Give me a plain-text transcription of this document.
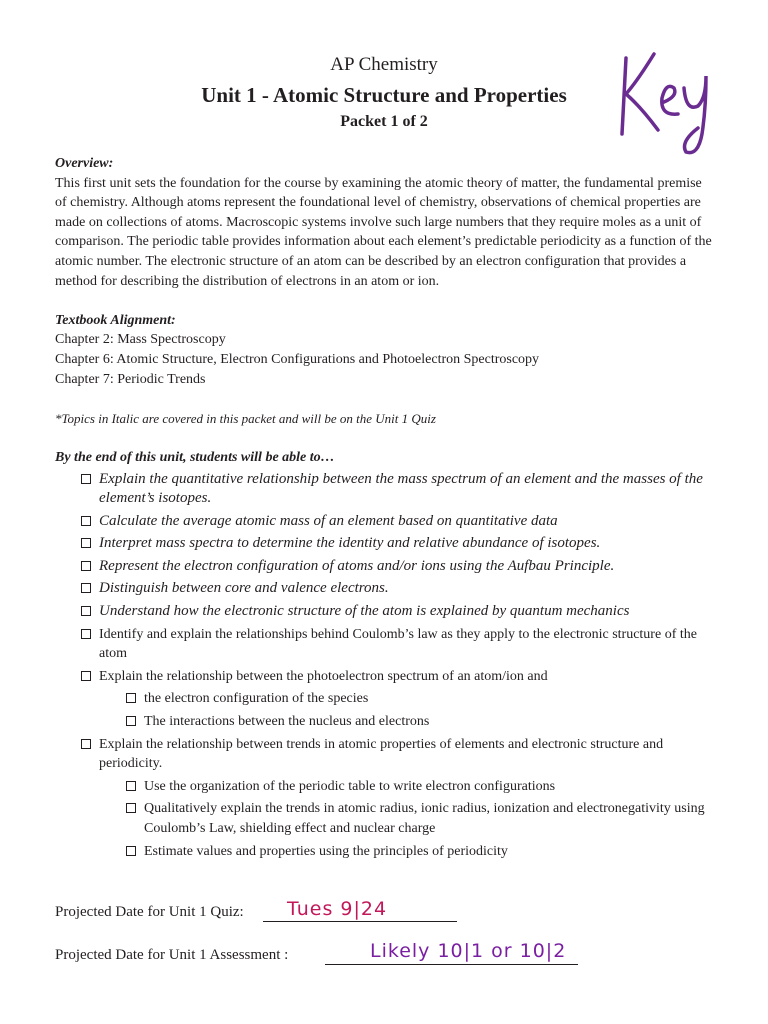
AP Chemistry
Unit 1 - Atomic Structure and Properties
Packet 1 of 2

Overview:

This first unit sets the foundation for the course by examining the atomic theory of matter, the fundamental premise of chemistry. Although atoms represent the foundational level of chemistry, observations of chemical properties are made on collections of atoms. Macroscopic systems involve such large numbers that they require moles as a unit of comparison. The periodic table provides information about each element’s predictable periodicity as a function of the atomic number. The electronic structure of an atom can be described by an electron configuration that provides a method for describing the distribution of electrons in an atom or ion.

Textbook Alignment:

Chapter 2: Mass Spectroscopy

Chapter 6: Atomic Structure, Electron Configurations and Photoelectron Spectroscopy

Chapter 7: Periodic Trends

*Topics in Italic are covered in this packet and will be on the Unit 1 Quiz

By the end of this unit, students will be able to…

Explain the quantitative relationship between the mass spectrum of an element and the masses of the element’s isotopes.
Calculate the average atomic mass of an element based on quantitative data
Interpret mass spectra to determine the identity and relative abundance of isotopes.
Represent the electron configuration of atoms and/or ions using the Aufbau Principle.
Distinguish between core and valence electrons.
Understand how the electronic structure of the atom is explained by quantum mechanics
Identify and explain the relationships behind Coulomb’s law as they apply to the electronic structure of the atom
Explain the relationship between the photoelectron spectrum of an atom/ion and
the electron configuration of the species
The interactions between the nucleus and electrons
Explain the relationship between trends in atomic properties of elements and electronic structure and periodicity.
Use the organization of the periodic table to write electron configurations
Qualitatively explain the trends in atomic radius, ionic radius, ionization and electronegativity using Coulomb’s Law, shielding effect and nuclear charge
Estimate values and properties using the principles of periodicity
Projected Date for Unit 1 Quiz: Tues 9|24
Projected Date for Unit 1 Assessment :	Likely 10|1 or 10|2
